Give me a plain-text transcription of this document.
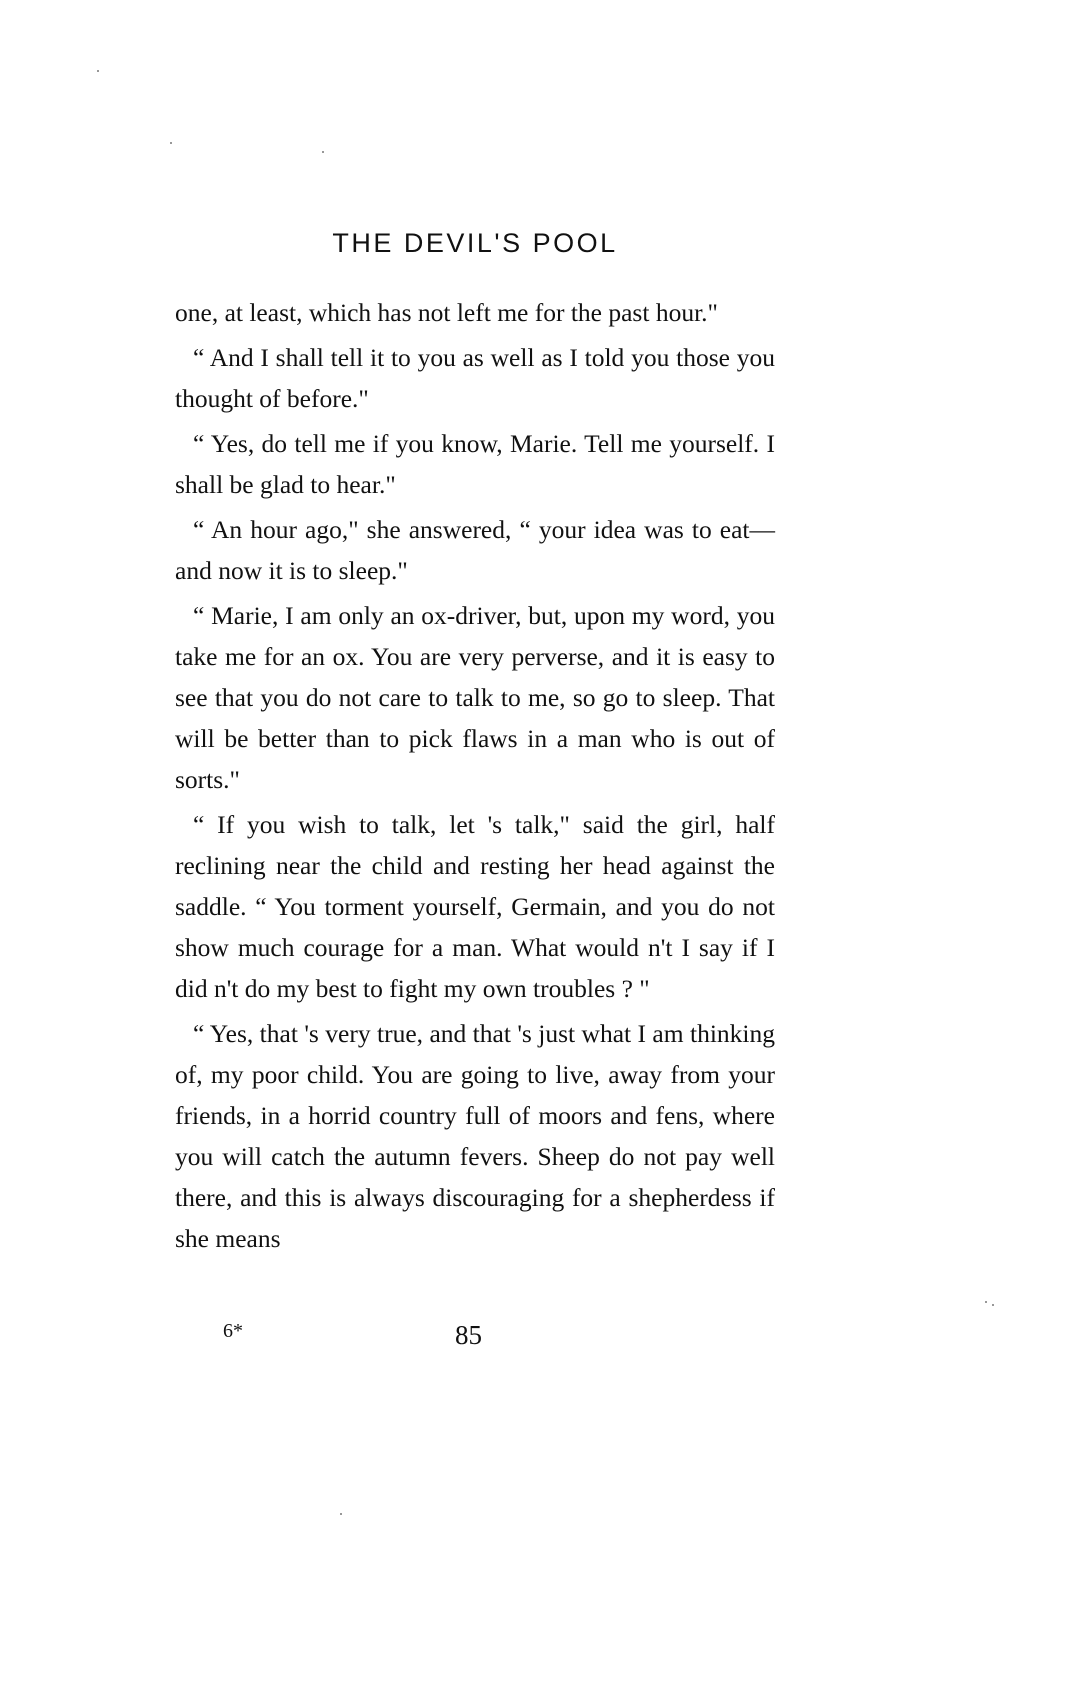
THE DEVIL'S POOL

one, at least, which has not left me for the past hour."

“ And I shall tell it to you as well as I told you those you thought of before."

“ Yes, do tell me if you know, Marie. Tell me yourself. I shall be glad to hear."

“ An hour ago," she answered, “ your idea was to eat—and now it is to sleep."

“ Marie, I am only an ox-driver, but, upon my word, you take me for an ox. You are very perverse, and it is easy to see that you do not care to talk to me, so go to sleep. That will be better than to pick flaws in a man who is out of sorts."

“ If you wish to talk, let 's talk," said the girl, half reclining near the child and resting her head against the saddle. “ You torment yourself, Germain, and you do not show much courage for a man. What would n't I say if I did n't do my best to fight my own troubles ? "

“ Yes, that 's very true, and that 's just what I am thinking of, my poor child. You are going to live, away from your friends, in a horrid country full of moors and fens, where you will catch the autumn fevers. Sheep do not pay well there, and this is always discouraging for a shepherdess if she means

6*	85
